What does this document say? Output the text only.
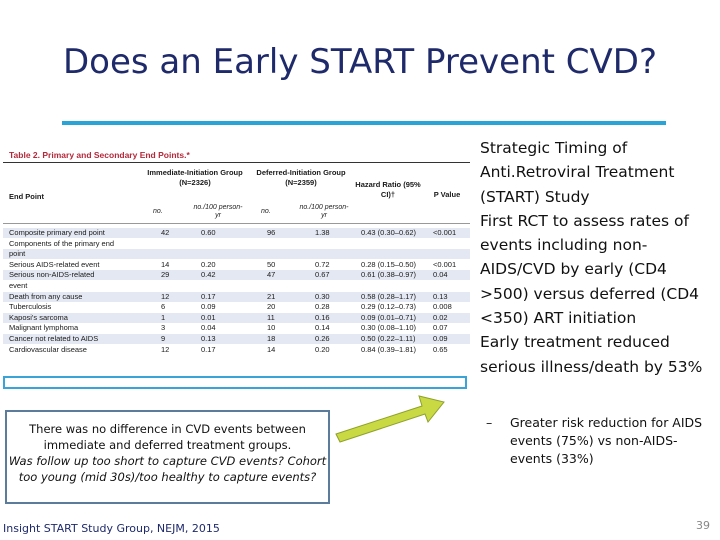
Does an Early START Prevent CVD?
Table 2. Primary and Secondary End Points.*
Immediate-Initiation Group (N=2326)
Deferred-Initiation Group (N=2359)	Hazard Ratio (95% CI)†	P Value
End Point
no.
no./100 person-yr
no.
no./100 person-yr
Composite primary end point	42	0.60	96	1.38	0.43 (0.30–0.62) <0.001
Components of the primary end
point
Serious AIDS-related event	14	0.20	50	0.72	0.28 (0.15–0.50) <0.001
Serious non-AIDS-related	29	0.42	47	0.67	0.61 (0.38–0.97) 0.04
event
Death from any cause	12	0.17	21	0.30	0.58 (0.28–1.17) 0.13
Tuberculosis	6	0.09	20	0.28	0.29 (0.12–0.73) 0.008
Kaposi's sarcoma	1	0.01	11	0.16	0.09 (0.01–0.71) 0.02
Malignant lymphoma	3	0.04	10	0.14	0.30 (0.08–1.10) 0.07
Cancer not related to AIDS	9	0.13	18	0.26	0.50 (0.22–1.11) 0.09
Cardiovascular disease	12	0.17	14	0.20	0.84 (0.39–1.81) 0.65

Strategic Timing of Anti.Retroviral Treatment (START) Study

First RCT to assess rates of events including non-AIDS/CVD by early (CD4 >500) versus deferred (CD4 <350) ART initiation

Early treatment reduced serious illness/death by 53%

– Greater risk reduction for AIDS events (75%) vs non-AIDS-events (33%)
There was no difference in CVD events between immediate and deferred treatment groups.
Was follow up too short to capture CVD events? Cohort too young (mid 30s)/too healthy to capture events?
Insight START Study Group, NEJM, 2015	39
